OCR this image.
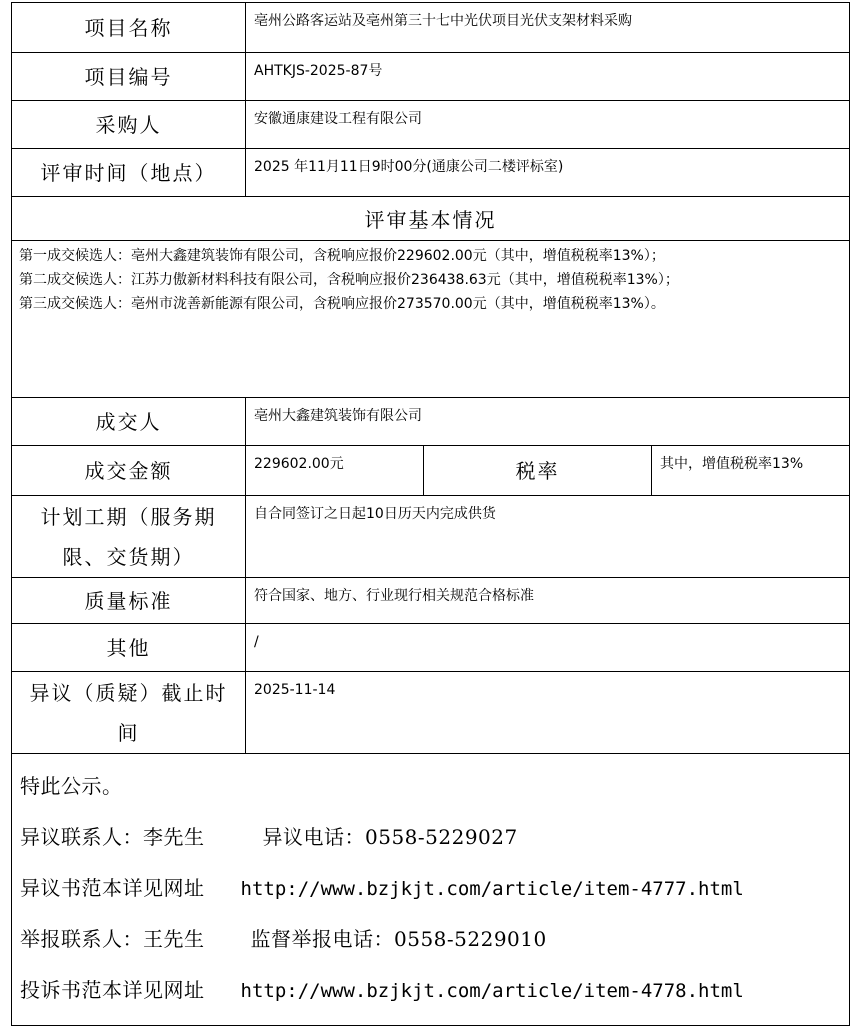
项目名称	亳州公路客运站及亳州第三十七中光伏项目光伏支架材料采购		
项目编号	AHTKJS-2025-87号		
采购人	安徽通康建设工程有限公司		
评审时间（地点）	2025 年11月11日9时00分(通康公司二楼评标室)		
评审基本情况			

第一成交候选人：亳州大鑫建筑装饰有限公司，含税响应报价229602.00元（其中，增值税税率13%）；
第二成交候选人：江苏力傲新材料科技有限公司，含税响应报价236438.63元（其中，增值税税率13%）；
第三成交候选人：亳州市泷善新能源有限公司，含税响应报价273570.00元（其中，增值税税率13%）。			

成交人	亳州大鑫建筑装饰有限公司		
成交金额	229602.00元	税率	其中，增值税税率13%

计划工期（服务期
限、交货期）	自合同签订之日起10日历天内完成供货		
质量标准	符合国家、地方、行业现行相关规范合格标准		
其他	/		

异议（质疑）截止时
间	2025-11-14		

特此公示。
异议联系人：李先生 异议电话：0558-5229027
异议书范本详见网址 http://www.bzjkjt.com/article/item-4777.html
举报联系人：王先生 监督举报电话：0558-5229010
投诉书范本详见网址 http://www.bzjkjt.com/article/item-4778.html			
